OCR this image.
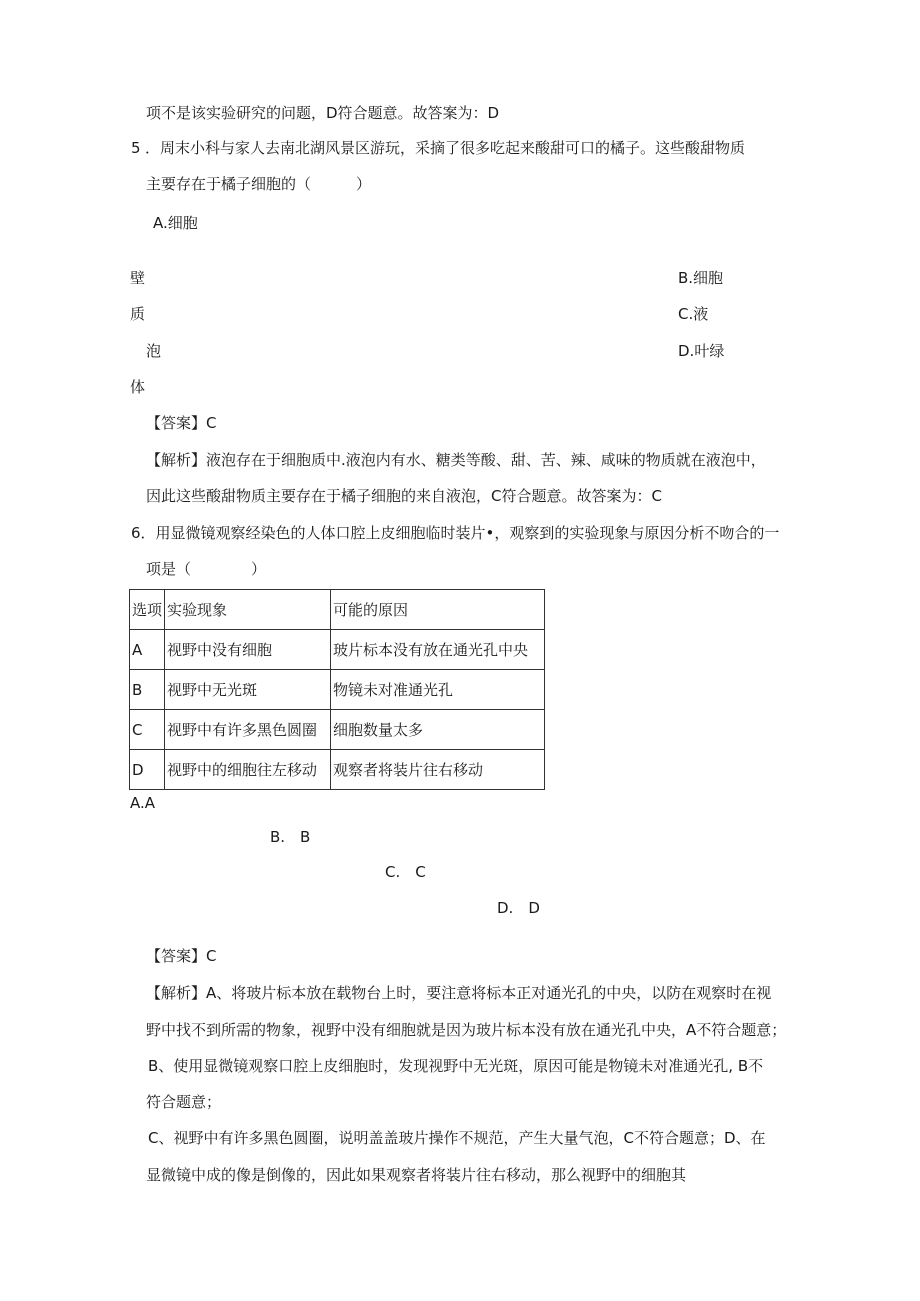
项不是该实验研究的问题，D符合题意。故答案为：D
5 ．周末小科与家人去南北湖风景区游玩，采摘了很多吃起来酸甜可口的橘子。这些酸甜物质
主要存在于橘子细胞的（　　　）
A.细胞
壁
质
泡
体
B.细胞
C.液
D.叶绿
【答案】C
【解析】液泡存在于细胞质中.液泡内有水、糖类等酸、甜、苦、辣、咸味的物质就在液泡中，
因此这些酸甜物质主要存在于橘子细胞的来自液泡，C符合题意。故答案为：C
6．用显微镜观察经染色的人体口腔上皮细胞临时装片•，观察到的实验现象与原因分析不吻合的一
项是（　　　　）
选项	实验现象	可能的原因
A	视野中没有细胞	玻片标本没有放在通光孔中央
B	视野中无光斑	物镜未对准通光孔
C	视野中有许多黑色圆圈	细胞数量太多
D	视野中的细胞往左移动	观察者将装片往右移动
A.A
B.　B
C.　C
D.　D
【答案】C
【解析】A、将玻片标本放在载物台上时，要注意将标本正对通光孔的中央，以防在观察时在视
野中找不到所需的物象，视野中没有细胞就是因为玻片标本没有放在通光孔中央，A不符合题意；
B、使用显微镜观察口腔上皮细胞时，发现视野中无光斑，原因可能是物镜未对准通光孔, B不
符合题意；
C、视野中有许多黑色圆圈，说明盖盖玻片操作不规范，产生大量气泡，C不符合题意；D、在
显微镜中成的像是倒像的，因此如果观察者将装片往右移动，那么视野中的细胞其
